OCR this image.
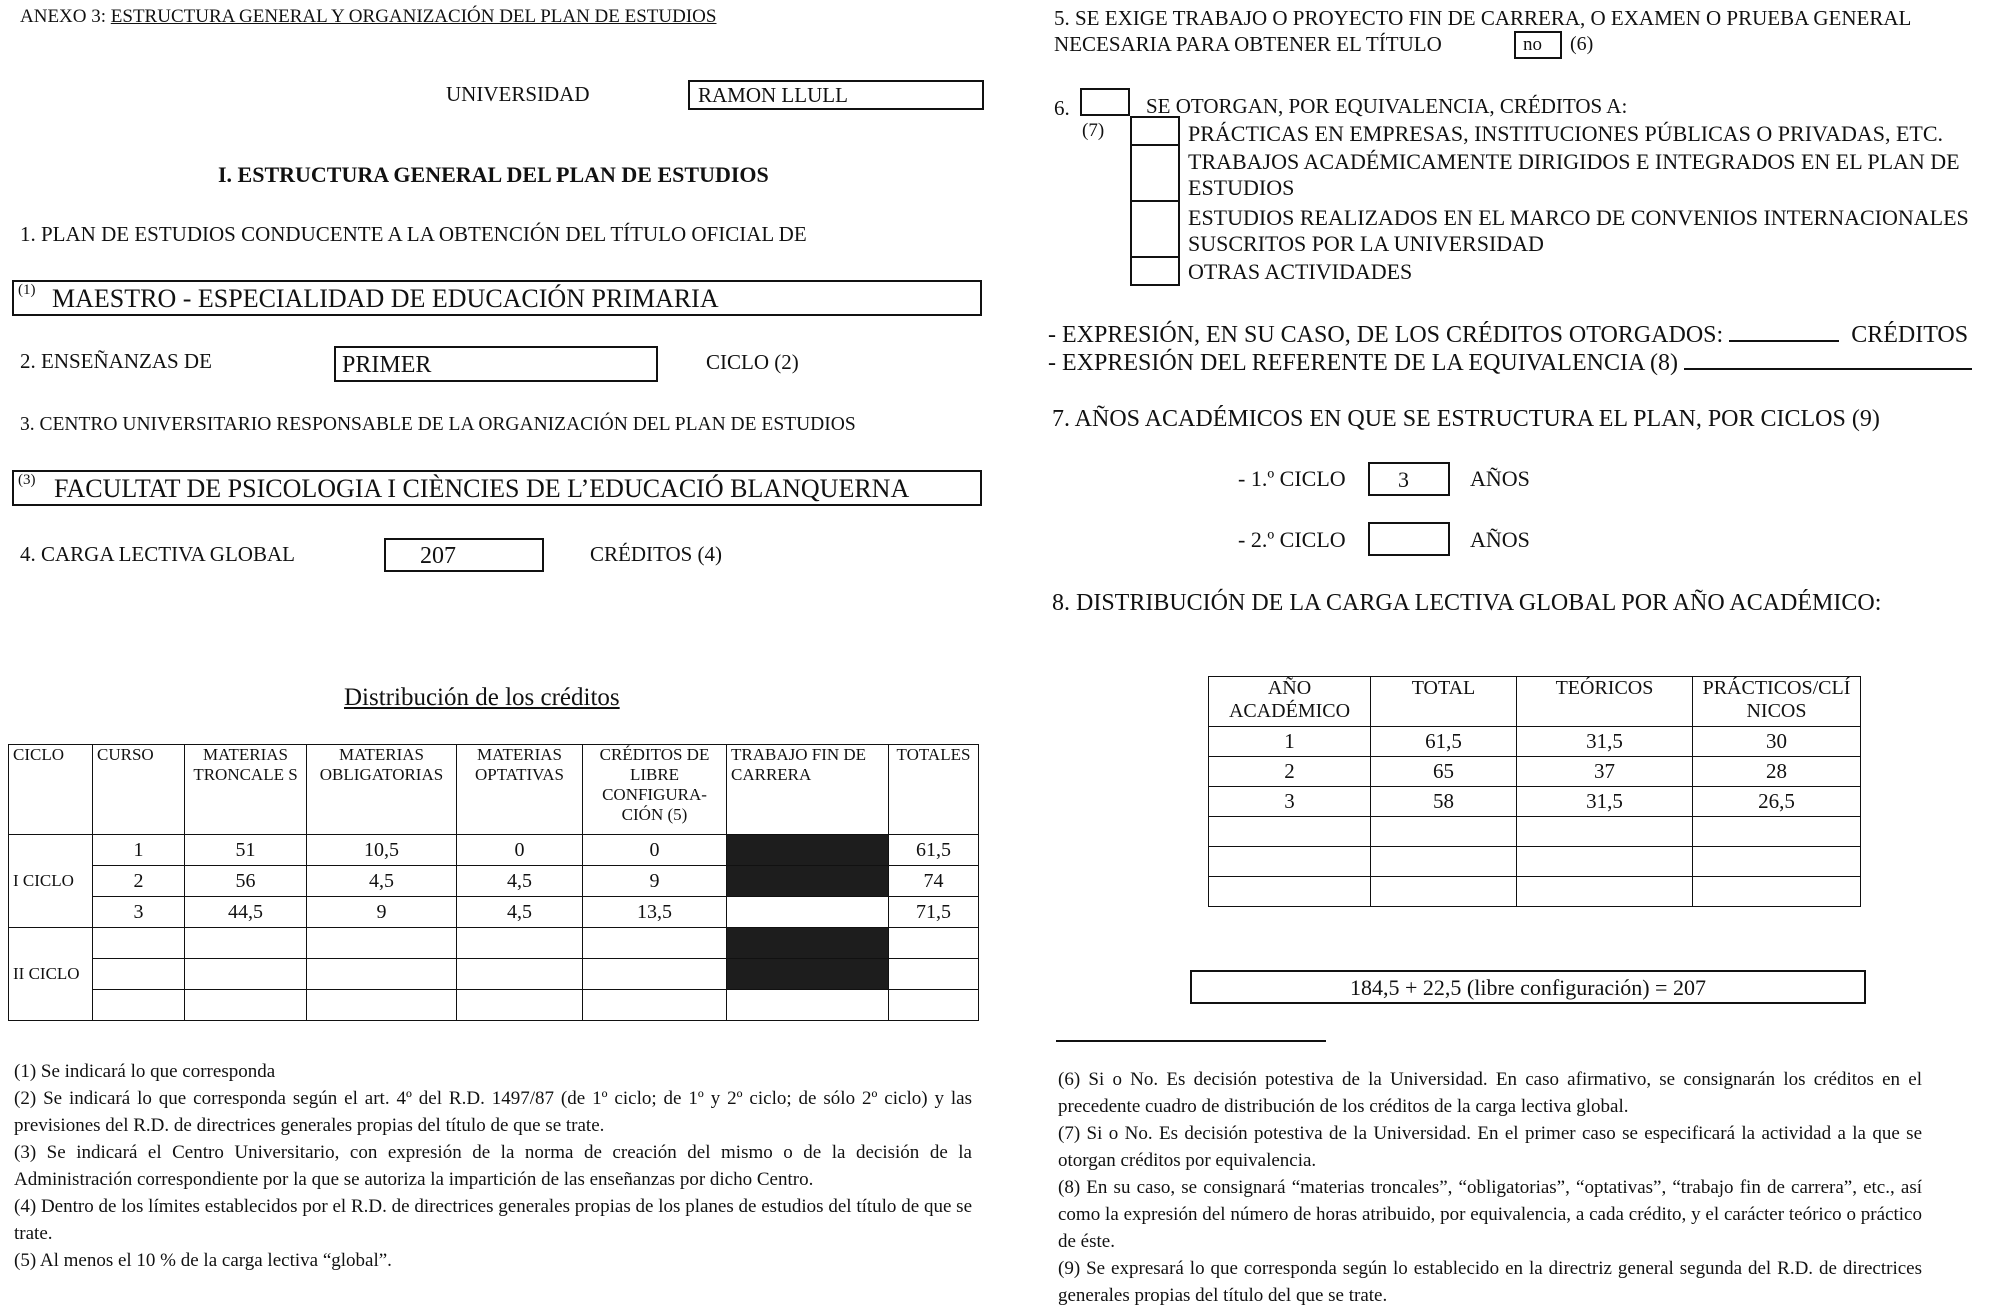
ANEXO 3: ESTRUCTURA GENERAL Y ORGANIZACIÓN DEL PLAN DE ESTUDIOS
UNIVERSIDAD	RAMON LLULL
I. ESTRUCTURA GENERAL DEL PLAN DE ESTUDIOS
1. PLAN DE ESTUDIOS CONDUCENTE A LA OBTENCIÓN DEL TÍTULO OFICIAL DE
(1) MAESTRO - ESPECIALIDAD DE EDUCACIÓN PRIMARIA
2. ENSEÑANZAS DE	PRIMER	CICLO (2)
3. CENTRO UNIVERSITARIO RESPONSABLE DE LA ORGANIZACIÓN DEL PLAN DE ESTUDIOS
(3) FACULTAT DE PSICOLOGIA I CIÈNCIES DE L’EDUCACIÓ BLANQUERNA
4. CARGA LECTIVA GLOBAL	207	CRÉDITOS (4)
Distribución de los créditos
CICLO	CURSO	MATERIAS TRONCALE S	MATERIAS OBLIGATORIAS	MATERIAS OPTATIVAS	CRÉDITOS DE LIBRE CONFIGURA- CIÓN (5)	TRABAJO FIN DE CARRERA	TOTALES
I CICLO	1	51	10,5	0	0		61,5
	2	56	4,5	4,5	9		74
	3	44,5	9	4,5	13,5		71,5
II CICLO							

(1) Se indicará lo que corresponda

(2) Se indicará lo que corresponda según el art. 4º del R.D. 1497/87 (de 1º ciclo; de 1º y 2º ciclo; de sólo 2º ciclo) y las previsiones del R.D. de directrices generales propias del título de que se trate.

(3) Se indicará el Centro Universitario, con expresión de la norma de creación del mismo o de la decisión de la Administración correspondiente por la que se autoriza la impartición de las enseñanzas por dicho Centro.

(4) Dentro de los límites establecidos por el R.D. de directrices generales propias de los planes de estudios del título de que se trate.

(5) Al menos el 10 % de la carga lectiva “global”.

5. SE EXIGE TRABAJO O PROYECTO FIN DE CARRERA, O EXAMEN O PRUEBA GENERAL
NECESARIA PARA OBTENER EL TÍTULO	no (6)
6.	SE OTORGAN, POR EQUIVALENCIA, CRÉDITOS A:
(7)	PRÁCTICAS EN EMPRESAS, INSTITUCIONES PÚBLICAS O PRIVADAS, ETC.
TRABAJOS ACADÉMICAMENTE DIRIGIDOS E INTEGRADOS EN EL PLAN DE
ESTUDIOS
ESTUDIOS REALIZADOS EN EL MARCO DE CONVENIOS INTERNACIONALES
SUSCRITOS POR LA UNIVERSIDAD
OTRAS ACTIVIDADES
- EXPRESIÓN, EN SU CASO, DE LOS CRÉDITOS OTORGADOS:	CRÉDITOS
- EXPRESIÓN DEL REFERENTE DE LA EQUIVALENCIA (8)
7. AÑOS ACADÉMICOS EN QUE SE ESTRUCTURA EL PLAN, POR CICLOS (9)
- 1.º CICLO 3	AÑOS
- 2.º CICLO	AÑOS
8. DISTRIBUCIÓN DE LA CARGA LECTIVA GLOBAL POR AÑO ACADÉMICO:
AÑO ACADÉMICO	TOTAL	TEÓRICOS	PRÁCTICOS/CLÍ NICOS
1	61,5	31,5	30
2	65	37	28
3	58	31,5	26,5

184,5 + 22,5 (libre configuración) = 207

(6) Si o No. Es decisión potestiva de la Universidad. En caso afirmativo, se consignarán los créditos en el precedente cuadro de distribución de los créditos de la carga lectiva global.

(7) Si o No. Es decisión potestiva de la Universidad. En el primer caso se especificará la actividad a la que se otorgan créditos por equivalencia.

(8) En su caso, se consignará “materias troncales”, “obligatorias”, “optativas”, “trabajo fin de carrera”, etc., así como la expresión del número de horas atribuido, por equivalencia, a cada crédito, y el carácter teórico o práctico de éste.

(9) Se expresará lo que corresponda según lo establecido en la directriz general segunda del R.D. de directrices generales propias del título del que se trate.
